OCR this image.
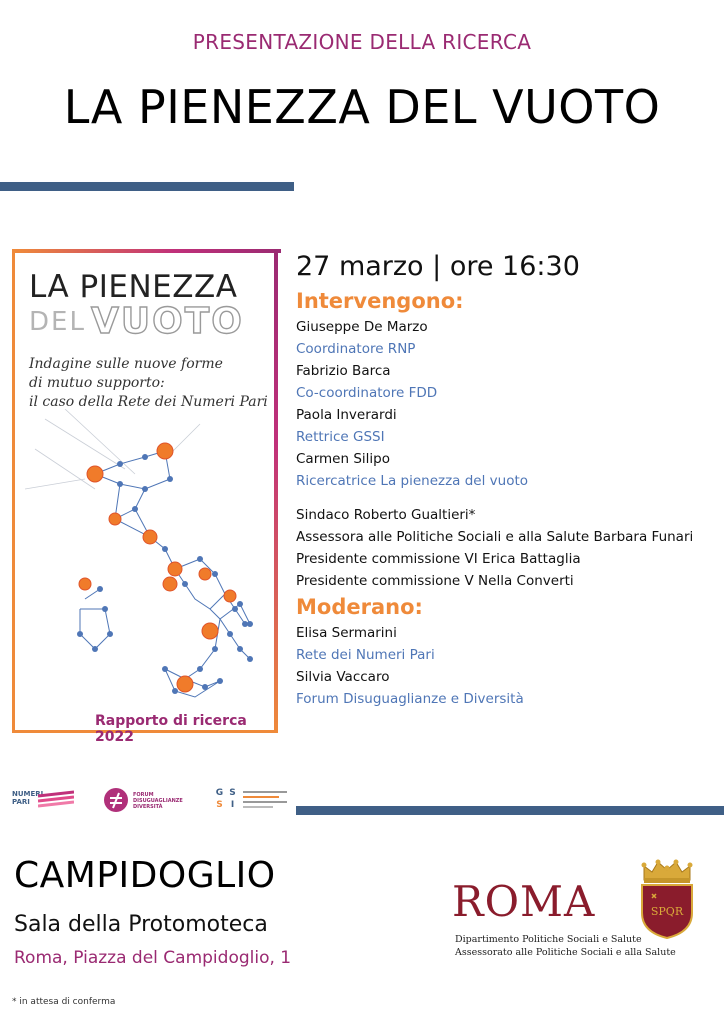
PRESENTAZIONE DELLA RICERCA
LA PIENEZZA DEL VUOTO
LA PIENEZZA
DEL VUOTO
Indagine sulle nuove forme
di mutuo supporto:
il caso della Rete dei Numeri Pari
Rapporto di ricerca 2022
27 marzo | ore 16:30
Intervengono:
Giuseppe De Marzo
Coordinatore RNP
Fabrizio Barca
Co-coordinatore FDD
Paola Inverardi
Rettrice GSSI
Carmen Silipo
Ricercatrice La pienezza del vuoto
Sindaco Roberto Gualtieri*
Assessora alle Politiche Sociali e alla Salute Barbara Funari
Presidente commissione VI Erica Battaglia
Presidente commissione V Nella Converti
Moderano:
Elisa Sermarini
Rete dei Numeri Pari
Silvia Vaccaro
Forum Disuguaglianze e Diversità
NUMERI
PARI
FORUM
DISUGUAGLIANZE
DIVERSITÀ
G S
S I
CAMPIDOGLIO
Sala della Protomoteca
Roma, Piazza del Campidoglio, 1
ROMA
Dipartimento Politiche Sociali e Salute
Assessorato alle Politiche Sociali e alla Salute
SPQR
* in attesa di conferma
